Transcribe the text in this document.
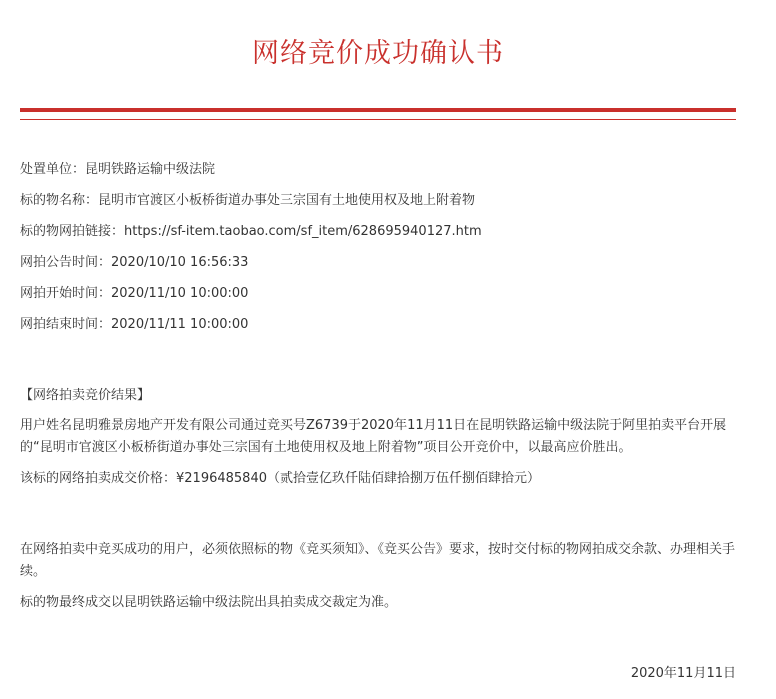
网络竞价成功确认书
处置单位：昆明铁路运输中级法院
标的物名称：昆明市官渡区小板桥街道办事处三宗国有土地使用权及地上附着物
标的物网拍链接：https://sf-item.taobao.com/sf_item/628695940127.htm
网拍公告时间：2020/10/10 16:56:33
网拍开始时间：2020/11/10 10:00:00
网拍结束时间：2020/11/11 10:00:00
【网络拍卖竞价结果】
用户姓名昆明雅景房地产开发有限公司通过竞买号Z6739于2020年11月11日在昆明铁路运输中级法院于阿里拍卖平台开展的“昆明市官渡区小板桥街道办事处三宗国有土地使用权及地上附着物”项目公开竞价中，以最高应价胜出。
该标的网络拍卖成交价格：¥2196485840（贰拾壹亿玖仟陆佰肆拾捌万伍仟捌佰肆拾元）
在网络拍卖中竞买成功的用户，必须依照标的物《竞买须知》、《竞买公告》要求，按时交付标的物网拍成交余款、办理相关手续。
标的物最终成交以昆明铁路运输中级法院出具拍卖成交裁定为准。
2020年11月11日
